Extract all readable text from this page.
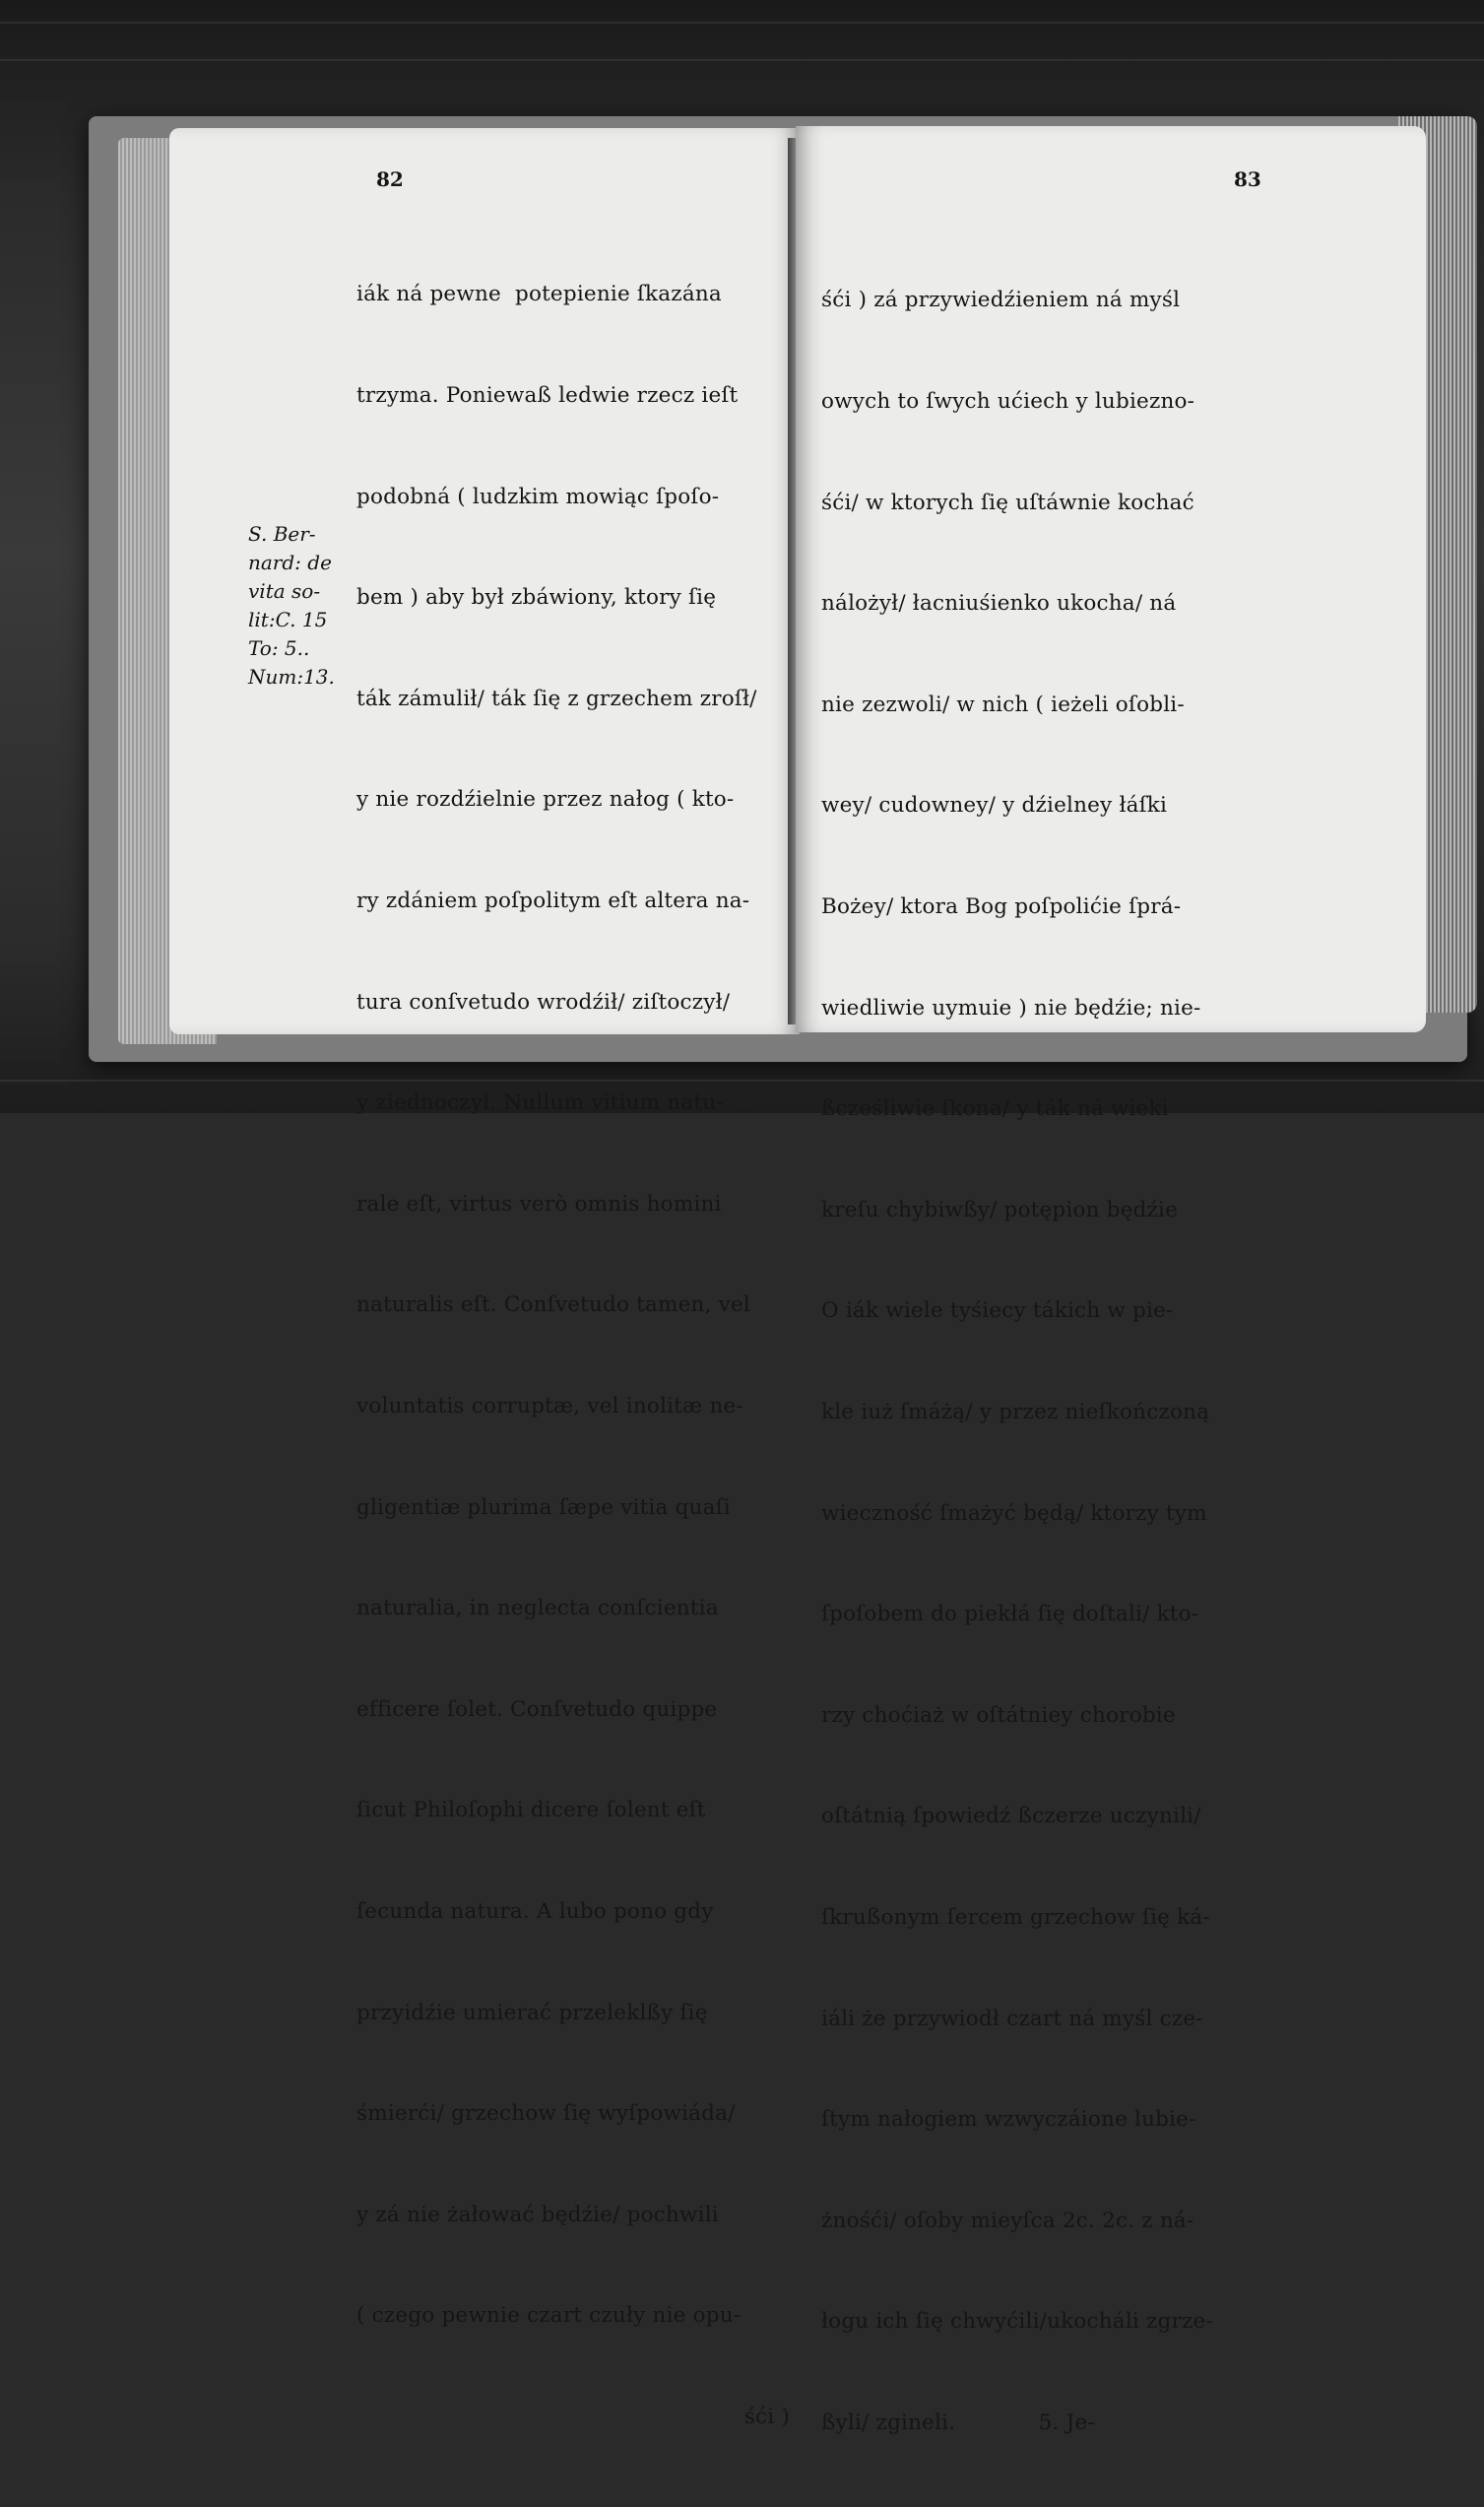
82
S. Ber-
nard: de
vita so-
lit:C. 15
To: 5..
Num:13.

iák ná pewne  potepienie ſkazána

trzyma. Poniewaß ledwie rzecz ieſt

podobná ( ludzkim mowiąc ſpoſo-

bem ) aby był zbáwiony, ktory ſię

ták zámulił/ ták ſię z grzechem zroſł/

y nie rozdźielnie przez nałog ( kto-

ry zdániem poſpolitym eſt altera na-

tura conſvetudo wrodźił/ ziſtoczył/

y ziednoczył. Nullum vitium natu-

rale eſt, virtus verò omnis homini

naturalis eſt. Conſvetudo tamen, vel

voluntatis corruptæ, vel inolitæ ne-

gligentiæ plurima ſæpe vitia quaſi

naturalia, in neglecta conſcientia

efficere ſolet. Conſvetudo quippe

ſicut Philoſophi dicere ſolent eſt

ſecunda natura. A lubo pono gdy

przyidźie umierać przeleklßy ſię

śmierći/ grzechow ſię wyſpowiáda/

y zá nie żałować będźie/ pochwili

( czego pewnie czart czuły nie opu-

śći )

83

śći ) zá przywiedźieniem ná myśl

owych to ſwych ućiech y lubiezno-

śći/ w ktorych ſię uſtáwnie kochać

nálożył/ łacniuśienko ukocha/ ná

nie zezwoli/ w nich ( ieżeli oſobli-

wey/ cudowney/ y dźielney łáſki

Bożey/ ktora Bog poſpolićie ſprá-

wiedliwie uymuie ) nie będźie; nie-

ßcześliwie ſkona/ y ták ná wieki

kreſu chybiwßy/ potępion będźie

O iák wiele tyśiecy tákich w pie-

kle iuż ſmáżą/ y przez nieſkończoną

wieczność ſmażyć będą/ ktorzy tym

ſpoſobem do piekłá ſię doſtali/ kto-

rzy choćiaż w oſtátniey chorobie

oſtátnią ſpowiedź ßczerze uczynili/

ſkrußonym ſercem grzechow ſię ká-

iáli że przywiodł czart ná myśl cze-

ſtym nałogiem wzwyczáione lubie-

żnośći/ oſoby mieyſca 2c. 2c. z ná-

łogu ich ſię chwyćili/ukocháli zgrze-

ßyli/ zgineli.            5. Je-
